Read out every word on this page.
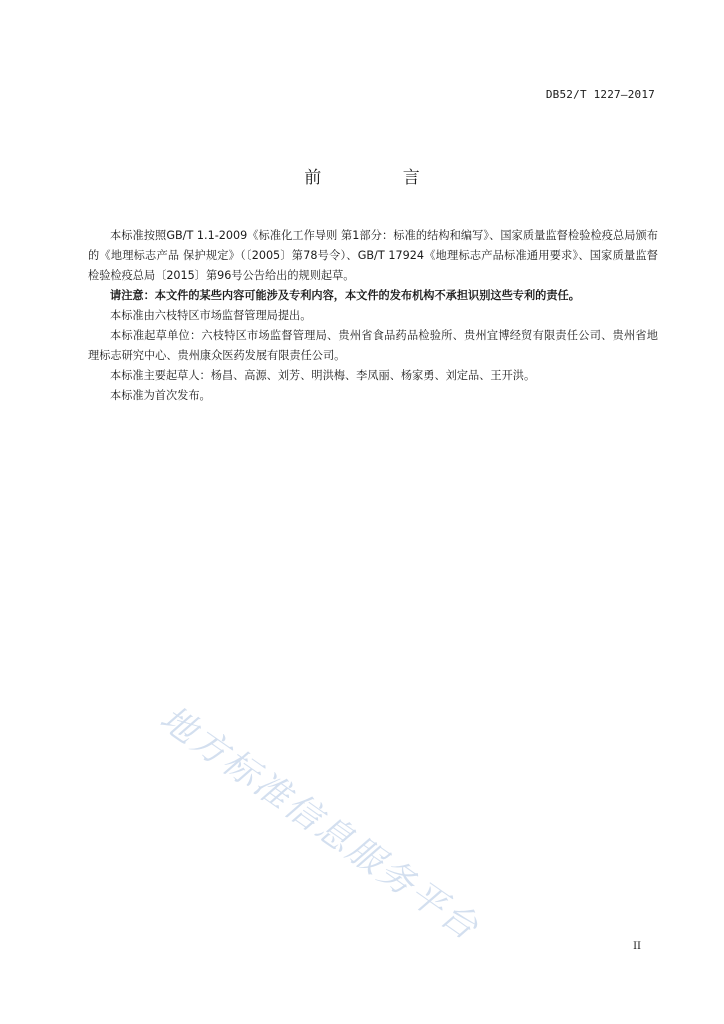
DB52/T 1227—2017
前 言

本标准按照GB/T 1.1-2009《标准化工作导则 第1部分：标准的结构和编写》、国家质量监督检验检疫总局颁布的《地理标志产品 保护规定》（〔2005〕第78号令）、GB/T 17924《地理标志产品标准通用要求》、国家质量监督检验检疫总局〔2015〕第96号公告给出的规则起草。

请注意：本文件的某些内容可能涉及专利内容，本文件的发布机构不承担识别这些专利的责任。

本标准由六枝特区市场监督管理局提出。

本标准起草单位：六枝特区市场监督管理局、贵州省食品药品检验所、贵州宜博经贸有限责任公司、贵州省地理标志研究中心、贵州康众医药发展有限责任公司。

本标准主要起草人：杨昌、高源、刘芳、明洪梅、李凤丽、杨家勇、刘定品、王开洪。

本标准为首次发布。

地方标准信息服务平台	II
